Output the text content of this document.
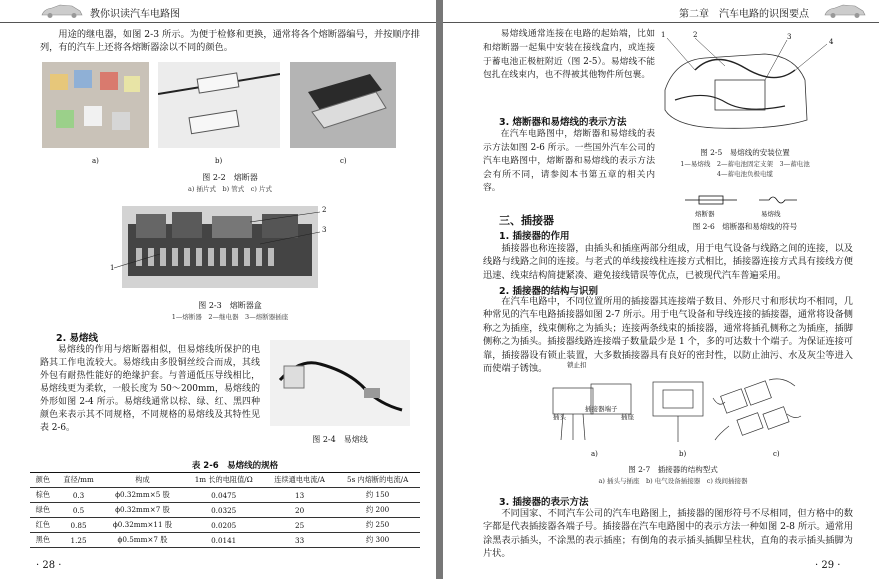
教你识读汽车电路图

用途的继电器，如图 2-3 所示。为便于检修和更换，通常将各个熔断器编号，并按顺序排列，有的汽车上还将各熔断器涂以不同的颜色。

a)	b)	c)
图 2-2　熔断器
a) 插片式　b) 管式　c) 片式
1
2
3
图 2-3　熔断器盒
1—熔断器　2—继电器　3—熔断器插座
2. 易熔线

易熔线的作用与熔断器相似，但易熔线所保护的电路其工作电流较大。易熔线由多股铜丝绞合而成，其线外包有耐热性能好的绝缘护套。与普通低压导线相比，易熔线更为柔软，一般长度为 50～200mm，易熔线的外形如图 2-4 所示。易熔线通常以棕、绿、红、黑四种颜色来表示其不同规格，不同规格的易熔线及其特性见表 2-6。

图 2-4　易熔线
表 2-6　易熔线的规格
颜色	直径/mm	构成	1m 长的电阻值/Ω	连续通电电流/A	5s 内熔断的电流/A
棕色	0.3	ϕ0.32mm×5 股	0.0475	13	约 150
绿色	0.5	ϕ0.32mm×7 股	0.0325	20	约 200
红色	0.85	ϕ0.32mm×11 股	0.0205	25	约 250
黑色	1.25	ϕ0.5mm×7 股	0.0141	33	约 300
· 28 ·
第二章　汽车电路的识图要点

易熔线通常连接在电路的起始端，比如和熔断器一起集中安装在接线盒内，或连接于蓄电池正极桩附近（图 2-5）。易熔线不能包扎在线束内，也不得被其他物件所包裹。

3. 熔断器和易熔线的表示方法

在汽车电路图中，熔断器和易熔线的表示方法如图 2-6 所示。一些国外汽车公司的汽车电路图中，熔断器和易熔线的表示方法会有所不同，请参阅本书第五章的相关内容。

1	2	3
4
图 2-5　易熔线的安装位置
1—易熔线　2—蓄电池固定支架　3—蓄电池
4—蓄电池负极电缆
熔断器	易熔线
图 2-6　熔断器和易熔线的符号
三、插接器
1. 插接器的作用

插接器也称连接器，由插头和插座两部分组成，用于电气设备与线路之间的连接，以及线路与线路之间的连接。与老式的单线接线柱连接方式相比，插接器连接方式具有接线方便迅速、线束结构简捷紧凑、避免接线错误等优点，已被现代汽车普遍采用。

2. 插接器的结构与识别

在汽车电路中，不同位置所用的插接器其连接端子数目、外形尺寸和形状均不相同，几种常见的汽车电路插接器如图 2-7 所示。用于电气设备和导线连接的插接器，通常将设备侧称之为插座，线束侧称之为插头；连接两条线束的插接器，通常将插孔侧称之为插座，插脚侧称之为插头。插接器线路连接端子数量最少是 1 个，多的可达数十个端子。为保证连接可靠，插接器设有锁止装置，大多数插接器具有良好的密封性，以防止油污、水及灰尘等进入而使端子锈蚀。	锁止扣
插头
插接器端子
插座
a)	b)	c)
图 2-7　插接器的结构型式
a) 插头与插座　b) 电气设备插接器　c) 线间插接器
3. 插接器的表示方法

不同国家、不同汽车公司的汽车电路图上，插接器的图形符号不尽相同，但方格中的数字都是代表插接器各端子号。插接器在汽车电路图中的表示方法一种如图 2-8 所示。通常用涂黑表示插头，不涂黑的表示插座；有倒角的表示插头插脚呈柱状，直角的表示插头插脚为片状。

· 29 ·
